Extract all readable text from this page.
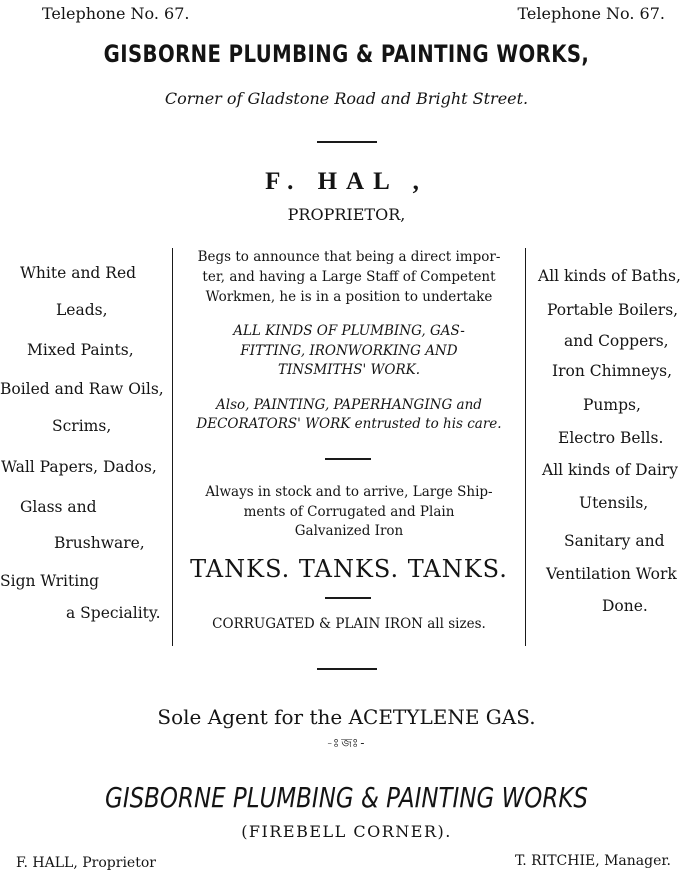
Telephone No. 67.	Telephone No. 67.
GISBORNE PLUMBING & PAINTING WORKS,
Corner of Gladstone Road and Bright Street.
F. HAL ,
PROPRIETOR,
White and Red
Leads,
Mixed Paints,
Boiled and Raw Oils,
Scrims,
Wall Papers, Dados,
Glass and
Brushware,
Sign Writing
a Speciality.
Begs to announce that being a direct impor-
ter, and having a Large Staff of Competent
Workmen, he is in a position to undertake
ALL KINDS OF PLUMBING, GAS-
FITTING, IRONWORKING AND
TINSMITHS' WORK.
Also, PAINTING, PAPERHANGING and
DECORATORS' WORK entrusted to his care.
Always in stock and to arrive, Large Ship-
ments of Corrugated and Plain
Galvanized Iron
TANKS. TANKS. TANKS.
CORRUGATED & PLAIN IRON all sizes.
All kinds of Baths,
Portable Boilers,
and Coppers,
Iron Chimneys,
Pumps,
Electro Bells.
All kinds of Dairy
Utensils,
Sanitary and
Ventilation Work
Done.
Sole Agent for the ACETYLENE GAS.
-ঃজঃ-
GISBORNE PLUMBING & PAINTING WORKS
(FIREBELL CORNER).
F. HALL, Proprietor	T. RITCHIE, Manager.
